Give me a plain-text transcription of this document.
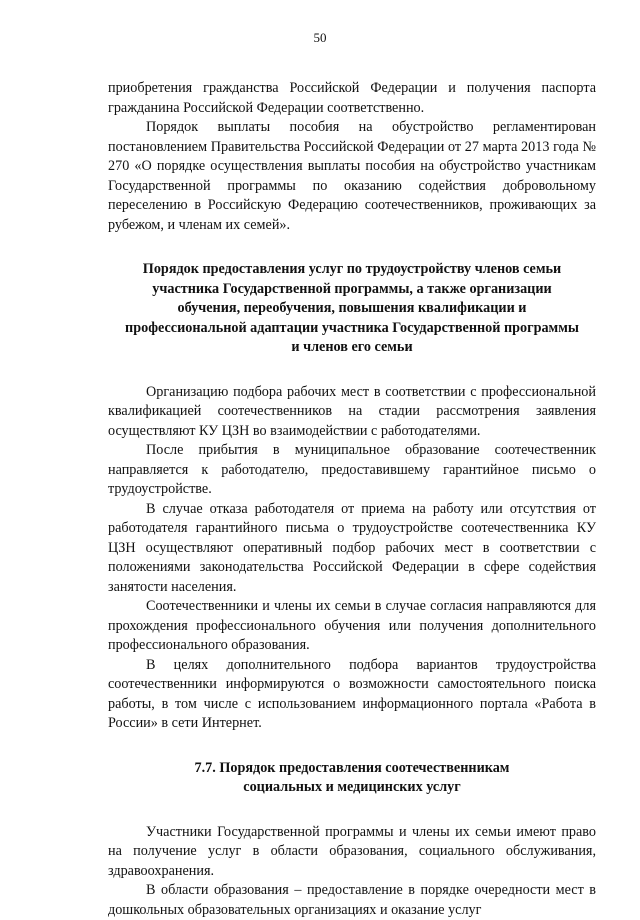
50

приобретения гражданства Российской Федерации и получения паспорта гражданина Российской Федерации соответственно.

Порядок выплаты пособия на обустройство регламентирован постановлением Правительства Российской Федерации от 27 марта 2013 года № 270 «О порядке осуществления выплаты пособия на обустройство участникам Государственной программы по оказанию содействия добровольному переселению в Российскую Федерацию соотечественников, проживающих за рубежом, и членам их семей».

Порядок предоставления услуг по трудоустройству членов семьи
участника Государственной программы, а также организации
обучения, переобучения, повышения квалификации и
профессиональной адаптации участника Государственной программы
и членов его семьи

Организацию подбора рабочих мест в соответствии с профессиональной квалификацией соотечественников на стадии рассмотрения заявления осуществляют КУ ЦЗН во взаимодействии с работодателями.

После прибытия в муниципальное образование соотечественник направляется к работодателю, предоставившему гарантийное письмо о трудоустройстве.

В случае отказа работодателя от приема на работу или отсутствия от работодателя гарантийного письма о трудоустройстве соотечественника КУ ЦЗН осуществляют оперативный подбор рабочих мест в соответствии с положениями законодательства Российской Федерации в сфере содействия занятости населения.

Соотечественники и члены их семьи в случае согласия направляются для прохождения профессионального обучения или получения дополнительного профессионального образования.

В целях дополнительного подбора вариантов трудоустройства соотечественники информируются о возможности самостоятельного поиска работы, в том числе с использованием информационного портала «Работа в России» в сети Интернет.

7.7. Порядок предоставления соотечественникам
социальных и медицинских услуг

Участники Государственной программы и члены их семьи имеют право на получение услуг в области образования, социального обслуживания, здравоохранения.

В области образования – предоставление в порядке очередности мест в дошкольных образовательных организациях и оказание услуг
